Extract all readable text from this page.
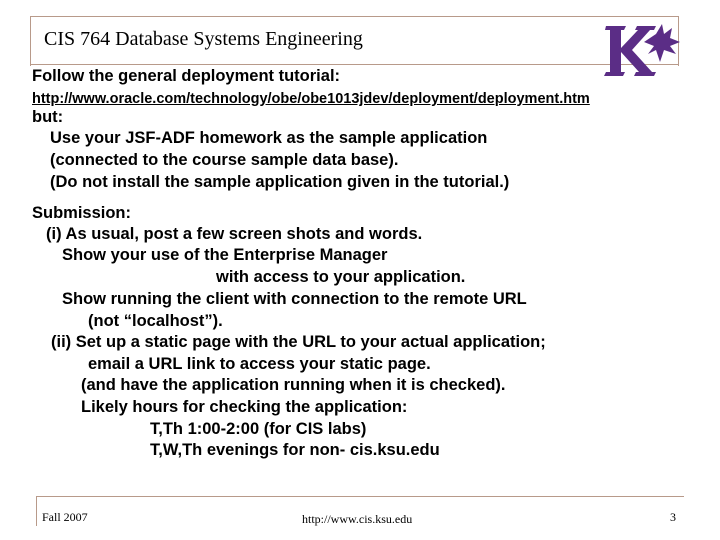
CIS 764 Database Systems Engineering
Follow the general deployment tutorial:
http://www.oracle.com/technology/obe/obe1013jdev/deployment/deployment.htm
but:
Use your JSF-ADF homework as the sample application
(connected to the course sample data base).
(Do not install the sample application given in the tutorial.)
Submission:
(i) As usual, post a few screen shots and words.
Show your use of the Enterprise Manager
with access to your application.
Show running the client with connection to the remote URL
(not “localhost”).
(ii) Set up a static page with the URL to your actual application;
email a URL link to access your static page.
(and have the application running when it is checked).
Likely hours for checking the application:
T,Th 1:00-2:00 (for CIS labs)
T,W,Th evenings for non- cis.ksu.edu
Fall 2007	http://www.cis.ksu.edu	3
